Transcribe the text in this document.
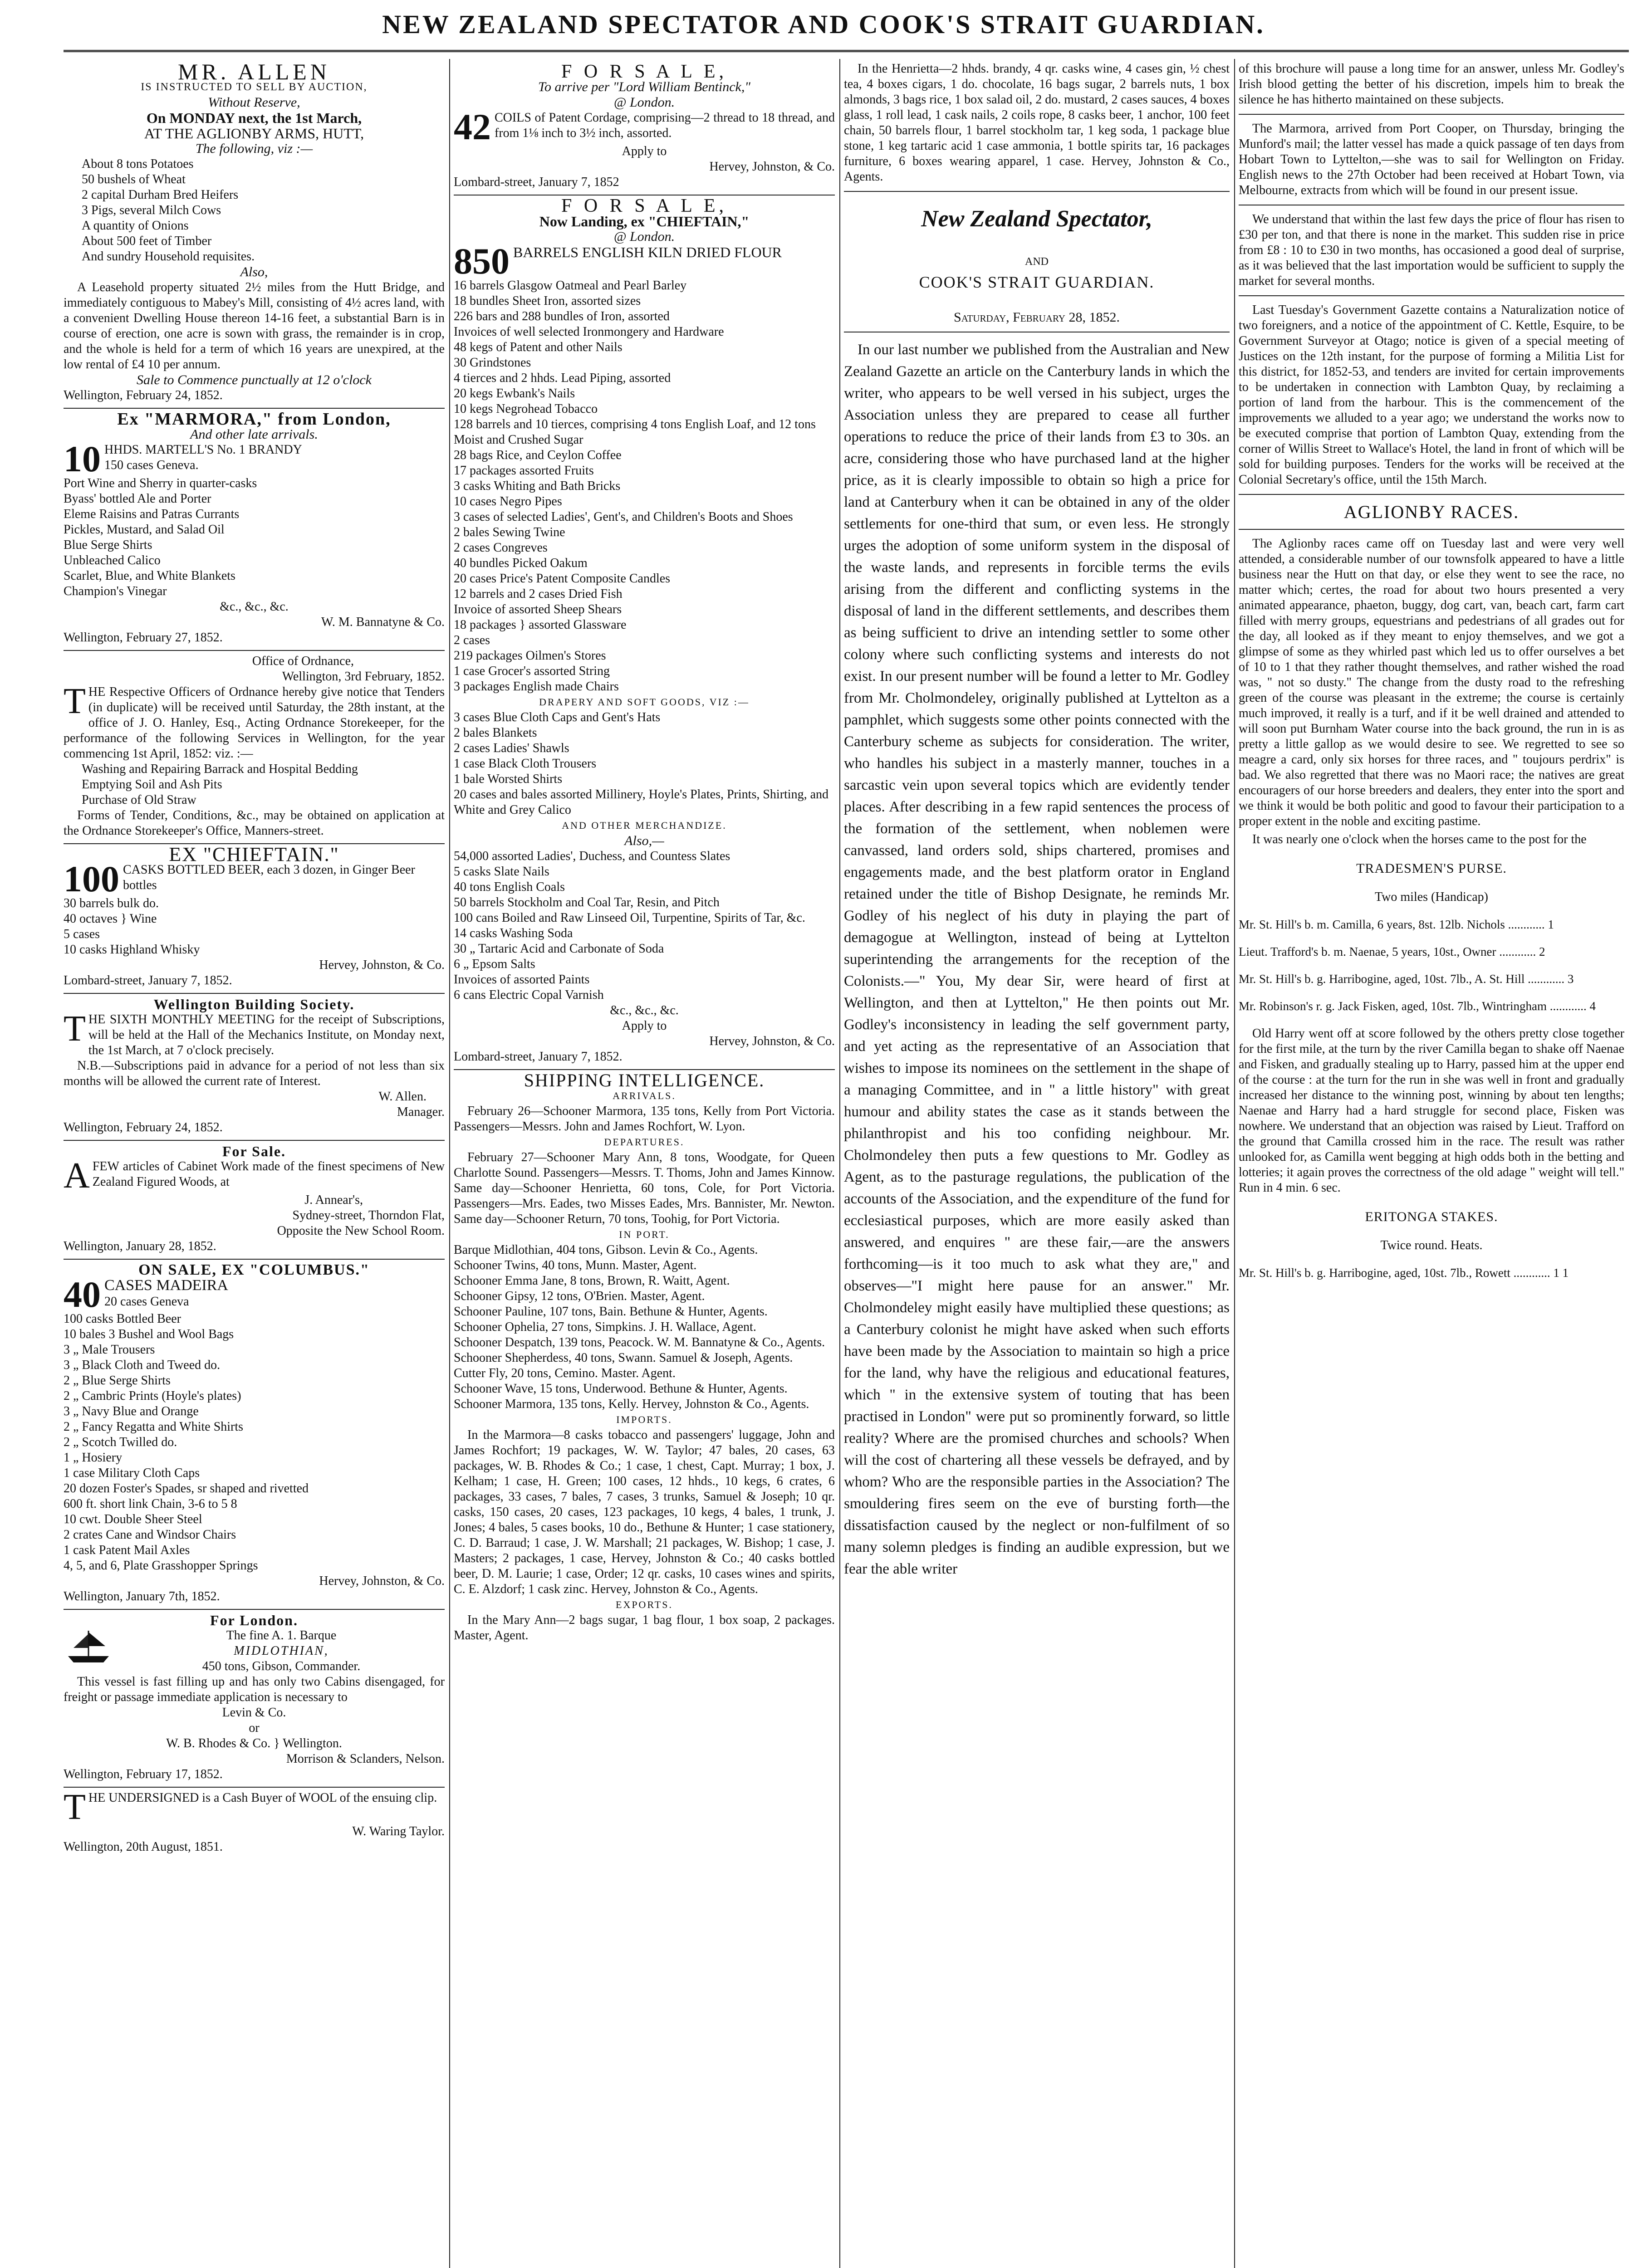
NEW ZEALAND SPECTATOR AND COOK'S STRAIT GUARDIAN.

MR. ALLEN

IS INSTRUCTED TO SELL BY AUCTION,

Without Reserve,

On MONDAY next, the 1st March,

AT THE AGLIONBY ARMS, HUTT,

The following, viz :—

About 8 tons Potatoes

50 bushels of Wheat

2 capital Durham Bred Heifers

3 Pigs, several Milch Cows

A quantity of Onions

About 500 feet of Timber

And sundry Household requisites.

Also,

A Leasehold property situated 2½ miles from the Hutt Bridge, and immediately contiguous to Mabey's Mill, consisting of 4½ acres land, with a convenient Dwelling House thereon 14-16 feet, a substantial Barn is in course of erection, one acre is sown with grass, the remainder is in crop, and the whole is held for a term of which 16 years are unexpired, at the low rental of £4 10 per annum.

Sale to Commence punctually at 12 o'clock

Wellington, February 24, 1852.

Ex "MARMORA," from London,

And other late arrivals.

10 HHDS. MARTELL'S No. 1 BRANDY

150 cases Geneva.

Port Wine and Sherry in quarter-casks

Byass' bottled Ale and Porter

Eleme Raisins and Patras Currants

Pickles, Mustard, and Salad Oil

Blue Serge Shirts

Unbleached Calico

Scarlet, Blue, and White Blankets

Champion's Vinegar

&c., &c., &c.

W. M. Bannatyne & Co.

Wellington, February 27, 1852.

Office of Ordnance,

Wellington, 3rd February, 1852.

THE Respective Officers of Ordnance hereby give notice that Tenders (in duplicate) will be received until Saturday, the 28th instant, at the office of J. O. Hanley, Esq., Acting Ordnance Storekeeper, for the performance of the following Services in Wellington, for the year commencing 1st April, 1852: viz. :—

Washing and Repairing Barrack and Hospital Bedding

Emptying Soil and Ash Pits

Purchase of Old Straw

Forms of Tender, Conditions, &c., may be obtained on application at the Ordnance Storekeeper's Office, Manners-street.

EX "CHIEFTAIN."

100 CASKS BOTTLED BEER, each 3 dozen, in Ginger Beer bottles

30 barrels bulk do.

40 octaves } Wine

5 cases

10 casks Highland Whisky

Hervey, Johnston, & Co.

Lombard-street, January 7, 1852.

Wellington Building Society.

THE SIXTH MONTHLY MEETING for the receipt of Subscriptions, will be held at the Hall of the Mechanics Institute, on Monday next, the 1st March, at 7 o'clock precisely.

N.B.—Subscriptions paid in advance for a period of not less than six months will be allowed the current rate of Interest.

W. Allen.

Manager.

Wellington, February 24, 1852.

For Sale.

AFEW articles of Cabinet Work made of the finest specimens of New Zealand Figured Woods, at

J. Annear's,

Sydney-street, Thorndon Flat,

Opposite the New School Room.

Wellington, January 28, 1852.

ON SALE, EX "COLUMBUS."

40 CASES MADEIRA

20 cases Geneva

100 casks Bottled Beer

10 bales 3 Bushel and Wool Bags

3 „ Male Trousers

3 „ Black Cloth and Tweed do.

2 „ Blue Serge Shirts

2 „ Cambric Prints (Hoyle's plates)

3 „ Navy Blue and Orange

2 „ Fancy Regatta and White Shirts

2 „ Scotch Twilled do.

1 „ Hosiery

1 case Military Cloth Caps

20 dozen Foster's Spades, sr shaped and rivetted

600 ft. short link Chain, 3-6 to 5 8

10 cwt. Double Sheer Steel

2 crates Cane and Windsor Chairs

1 cask Patent Mail Axles

4, 5, and 6, Plate Grasshopper Springs

Hervey, Johnston, & Co.

Wellington, January 7th, 1852.

For London.

The fine A. 1. Barque

MIDLOTHIAN,

450 tons, Gibson, Commander.

This vessel is fast filling up and has only two Cabins disengaged, for freight or passage immediate application is necessary to

Levin & Co.

or

W. B. Rhodes & Co. } Wellington.

Morrison & Sclanders, Nelson.

Wellington, February 17, 1852.

THE UNDERSIGNED is a Cash Buyer of WOOL of the ensuing clip.

W. Waring Taylor.

Wellington, 20th August, 1851.

F O R S A L E,

To arrive per "Lord William Bentinck,"

@ London.

42 COILS of Patent Cordage, comprising—2 thread to 18 thread, and from 1⅛ inch to 3½ inch, assorted.

Apply to

Hervey, Johnston, & Co.

Lombard-street, January 7, 1852

F O R S A L E,

Now Landing, ex "CHIEFTAIN,"

@ London.

850 BARRELS ENGLISH KILN DRIED FLOUR

16 barrels Glasgow Oatmeal and Pearl Barley

18 bundles Sheet Iron, assorted sizes

226 bars and 288 bundles of Iron, assorted

Invoices of well selected Ironmongery and Hardware

48 kegs of Patent and other Nails

30 Grindstones

4 tierces and 2 hhds. Lead Piping, assorted

20 kegs Ewbank's Nails

10 kegs Negrohead Tobacco

128 barrels and 10 tierces, comprising 4 tons English Loaf, and 12 tons Moist and Crushed Sugar

28 bags Rice, and Ceylon Coffee

17 packages assorted Fruits

3 casks Whiting and Bath Bricks

10 cases Negro Pipes

3 cases of selected Ladies', Gent's, and Children's Boots and Shoes

2 bales Sewing Twine

2 cases Congreves

40 bundles Picked Oakum

20 cases Price's Patent Composite Candles

12 barrels and 2 cases Dried Fish

Invoice of assorted Sheep Shears

18 packages } assorted Glassware

2 cases

219 packages Oilmen's Stores

1 case Grocer's assorted String

3 packages English made Chairs

DRAPERY AND SOFT GOODS, VIZ :—

3 cases Blue Cloth Caps and Gent's Hats

2 bales Blankets

2 cases Ladies' Shawls

1 case Black Cloth Trousers

1 bale Worsted Shirts

20 cases and bales assorted Millinery, Hoyle's Plates, Prints, Shirting, and White and Grey Calico

AND OTHER MERCHANDIZE.

Also,—

54,000 assorted Ladies', Duchess, and Countess Slates

5 casks Slate Nails

40 tons English Coals

50 barrels Stockholm and Coal Tar, Resin, and Pitch

100 cans Boiled and Raw Linseed Oil, Turpentine, Spirits of Tar, &c.

14 casks Washing Soda

30 „ Tartaric Acid and Carbonate of Soda

6 „ Epsom Salts

Invoices of assorted Paints

6 cans Electric Copal Varnish

&c., &c., &c.

Apply to

Hervey, Johnston, & Co.

Lombard-street, January 7, 1852.

SHIPPING INTELLIGENCE.

ARRIVALS.

February 26—Schooner Marmora, 135 tons, Kelly from Port Victoria. Passengers—Messrs. John and James Rochfort, W. Lyon.

DEPARTURES.

February 27—Schooner Mary Ann, 8 tons, Woodgate, for Queen Charlotte Sound. Passengers—Messrs. T. Thoms, John and James Kinnow. Same day—Schooner Henrietta, 60 tons, Cole, for Port Victoria. Passengers—Mrs. Eades, two Misses Eades, Mrs. Bannister, Mr. Newton. Same day—Schooner Return, 70 tons, Toohig, for Port Victoria.

IN PORT.

Barque Midlothian, 404 tons, Gibson. Levin & Co., Agents.

Schooner Twins, 40 tons, Munn. Master, Agent.

Schooner Emma Jane, 8 tons, Brown, R. Waitt, Agent.

Schooner Gipsy, 12 tons, O'Brien. Master, Agent.

Schooner Pauline, 107 tons, Bain. Bethune & Hunter, Agents.

Schooner Ophelia, 27 tons, Simpkins. J. H. Wallace, Agent.

Schooner Despatch, 139 tons, Peacock. W. M. Bannatyne & Co., Agents.

Schooner Shepherdess, 40 tons, Swann. Samuel & Joseph, Agents.

Cutter Fly, 20 tons, Cemino. Master. Agent.

Schooner Wave, 15 tons, Underwood. Bethune & Hunter, Agents.

Schooner Marmora, 135 tons, Kelly. Hervey, Johnston & Co., Agents.

IMPORTS.

In the Marmora—8 casks tobacco and passengers' luggage, John and James Rochfort; 19 packages, W. W. Taylor; 47 bales, 20 cases, 63 packages, W. B. Rhodes & Co.; 1 case, 1 chest, Capt. Murray; 1 box, J. Kelham; 1 case, H. Green; 100 cases, 12 hhds., 10 kegs, 6 crates, 6 packages, 33 cases, 7 bales, 7 cases, 3 trunks, Samuel & Joseph; 10 qr. casks, 150 cases, 20 cases, 123 packages, 10 kegs, 4 bales, 1 trunk, J. Jones; 4 bales, 5 cases books, 10 do., Bethune & Hunter; 1 case stationery, C. D. Barraud; 1 case, J. W. Marshall; 21 packages, W. Bishop; 1 case, J. Masters; 2 packages, 1 case, Hervey, Johnston & Co.; 40 casks bottled beer, D. M. Laurie; 1 case, Order; 12 qr. casks, 10 cases wines and spirits, C. E. Alzdorf; 1 cask zinc. Hervey, Johnston & Co., Agents.

EXPORTS.

In the Mary Ann—2 bags sugar, 1 bag flour, 1 box soap, 2 packages. Master, Agent.

In the Henrietta—2 hhds. brandy, 4 qr. casks wine, 4 cases gin, ½ chest tea, 4 boxes cigars, 1 do. chocolate, 16 bags sugar, 2 barrels nuts, 1 box almonds, 3 bags rice, 1 box salad oil, 2 do. mustard, 2 cases sauces, 4 boxes glass, 1 roll lead, 1 cask nails, 2 coils rope, 8 casks beer, 1 anchor, 100 feet chain, 50 barrels flour, 1 barrel stockholm tar, 1 keg soda, 1 package blue stone, 1 keg tartaric acid 1 case ammonia, 1 bottle spirits tar, 16 packages furniture, 6 boxes wearing apparel, 1 case. Hervey, Johnston & Co., Agents.

New Zealand Spectator,

AND

COOK'S STRAIT GUARDIAN.

Saturday, February 28, 1852.

In our last number we published from the Australian and New Zealand Gazette an article on the Canterbury lands in which the writer, who appears to be well versed in his subject, urges the Association unless they are prepared to cease all further operations to reduce the price of their lands from £3 to 30s. an acre, considering those who have purchased land at the higher price, as it is clearly impossible to obtain so high a price for land at Canterbury when it can be obtained in any of the older settlements for one-third that sum, or even less. He strongly urges the adoption of some uniform system in the disposal of the waste lands, and represents in forcible terms the evils arising from the different and conflicting systems in the disposal of land in the different settlements, and describes them as being sufficient to drive an intending settler to some other colony where such conflicting systems and interests do not exist. In our present number will be found a letter to Mr. Godley from Mr. Cholmondeley, originally published at Lyttelton as a pamphlet, which suggests some other points connected with the Canterbury scheme as subjects for consideration. The writer, who handles his subject in a masterly manner, touches in a sarcastic vein upon several topics which are evidently tender places. After describing in a few rapid sentences the process of the formation of the settlement, when noblemen were canvassed, land orders sold, ships chartered, promises and engagements made, and the best platform orator in England retained under the title of Bishop Designate, he reminds Mr. Godley of his neglect of his duty in playing the part of demagogue at Wellington, instead of being at Lyttelton superintending the arrangements for the reception of the Colonists.—" You, My dear Sir, were heard of first at Wellington, and then at Lyttelton," He then points out Mr. Godley's inconsistency in leading the self government party, and yet acting as the representative of an Association that wishes to impose its nominees on the settlement in the shape of a managing Committee, and in " a little history" with great humour and ability states the case as it stands between the philanthropist and his too confiding neighbour. Mr. Cholmondeley then puts a few questions to Mr. Godley as Agent, as to the pasturage regulations, the publication of the accounts of the Association, and the expenditure of the fund for ecclesiastical purposes, which are more easily asked than answered, and enquires " are these fair,—are the answers forthcoming—is it too much to ask what they are," and observes—"I might here pause for an answer." Mr. Cholmondeley might easily have multiplied these questions; as a Canterbury colonist he might have asked when such efforts have been made by the Association to maintain so high a price for the land, why have the religious and educational features, which " in the extensive system of touting that has been practised in London" were put so prominently forward, so little reality? Where are the promised churches and schools? When will the cost of chartering all these vessels be defrayed, and by whom? Who are the responsible parties in the Association? The smouldering fires seem on the eve of bursting forth—the dissatisfaction caused by the neglect or non-fulfilment of so many solemn pledges is finding an audible expression, but we fear the able writer

of this brochure will pause a long time for an answer, unless Mr. Godley's Irish blood getting the better of his discretion, impels him to break the silence he has hitherto maintained on these subjects.

The Marmora, arrived from Port Cooper, on Thursday, bringing the Munford's mail; the latter vessel has made a quick passage of ten days from Hobart Town to Lyttelton,—she was to sail for Wellington on Friday. English news to the 27th October had been received at Hobart Town, via Melbourne, extracts from which will be found in our present issue.

We understand that within the last few days the price of flour has risen to £30 per ton, and that there is none in the market. This sudden rise in price from £8 : 10 to £30 in two months, has occasioned a good deal of surprise, as it was believed that the last importation would be sufficient to supply the market for several months.

Last Tuesday's Government Gazette contains a Naturalization notice of two foreigners, and a notice of the appointment of C. Kettle, Esquire, to be Government Surveyor at Otago; notice is given of a special meeting of Justices on the 12th instant, for the purpose of forming a Militia List for this district, for 1852-53, and tenders are invited for certain improvements to be undertaken in connection with Lambton Quay, by reclaiming a portion of land from the harbour. This is the commencement of the improvements we alluded to a year ago; we understand the works now to be executed comprise that portion of Lambton Quay, extending from the corner of Willis Street to Wallace's Hotel, the land in front of which will be sold for building purposes. Tenders for the works will be received at the Colonial Secretary's office, until the 15th March.

AGLIONBY RACES.

The Aglionby races came off on Tuesday last and were very well attended, a considerable number of our townsfolk appeared to have a little business near the Hutt on that day, or else they went to see the race, no matter which; certes, the road for about two hours presented a very animated appearance, phaeton, buggy, dog cart, van, beach cart, farm cart filled with merry groups, equestrians and pedestrians of all grades out for the day, all looked as if they meant to enjoy themselves, and we got a glimpse of some as they whirled past which led us to offer ourselves a bet of 10 to 1 that they rather thought themselves, and rather wished the road was, " not so dusty." The change from the dusty road to the refreshing green of the course was pleasant in the extreme; the course is certainly much improved, it really is a turf, and if it be well drained and attended to will soon put Burnham Water course into the back ground, the run in is as pretty a little gallop as we would desire to see. We regretted to see so meagre a card, only six horses for three races, and " toujours perdrix" is bad. We also regretted that there was no Maori race; the natives are great encouragers of our horse breeders and dealers, they enter into the sport and we think it would be both politic and good to favour their participation to a proper extent in the noble and exciting pastime.

It was nearly one o'clock when the horses came to the post for the

TRADESMEN'S PURSE.

Two miles (Handicap)

Mr. St. Hill's b. m. Camilla, 6 years, 8st. 12lb. Nichols ............ 1

Lieut. Trafford's b. m. Naenae, 5 years, 10st., Owner ............ 2

Mr. St. Hill's b. g. Harribogine, aged, 10st. 7lb., A. St. Hill ............ 3

Mr. Robinson's r. g. Jack Fisken, aged, 10st. 7lb., Wintringham ............ 4

Old Harry went off at score followed by the others pretty close together for the first mile, at the turn by the river Camilla began to shake off Naenae and Fisken, and gradually stealing up to Harry, passed him at the upper end of the course : at the turn for the run in she was well in front and gradually increased her distance to the winning post, winning by about ten lengths; Naenae and Harry had a hard struggle for second place, Fisken was nowhere. We understand that an objection was raised by Lieut. Trafford on the ground that Camilla crossed him in the race. The result was rather unlooked for, as Camilla went begging at high odds both in the betting and lotteries; it again proves the correctness of the old adage " weight will tell." Run in 4 min. 6 sec.

ERITONGA STAKES.

Twice round. Heats.

Mr. St. Hill's b. g. Harribogine, aged, 10st. 7lb., Rowett ............ 1 1
